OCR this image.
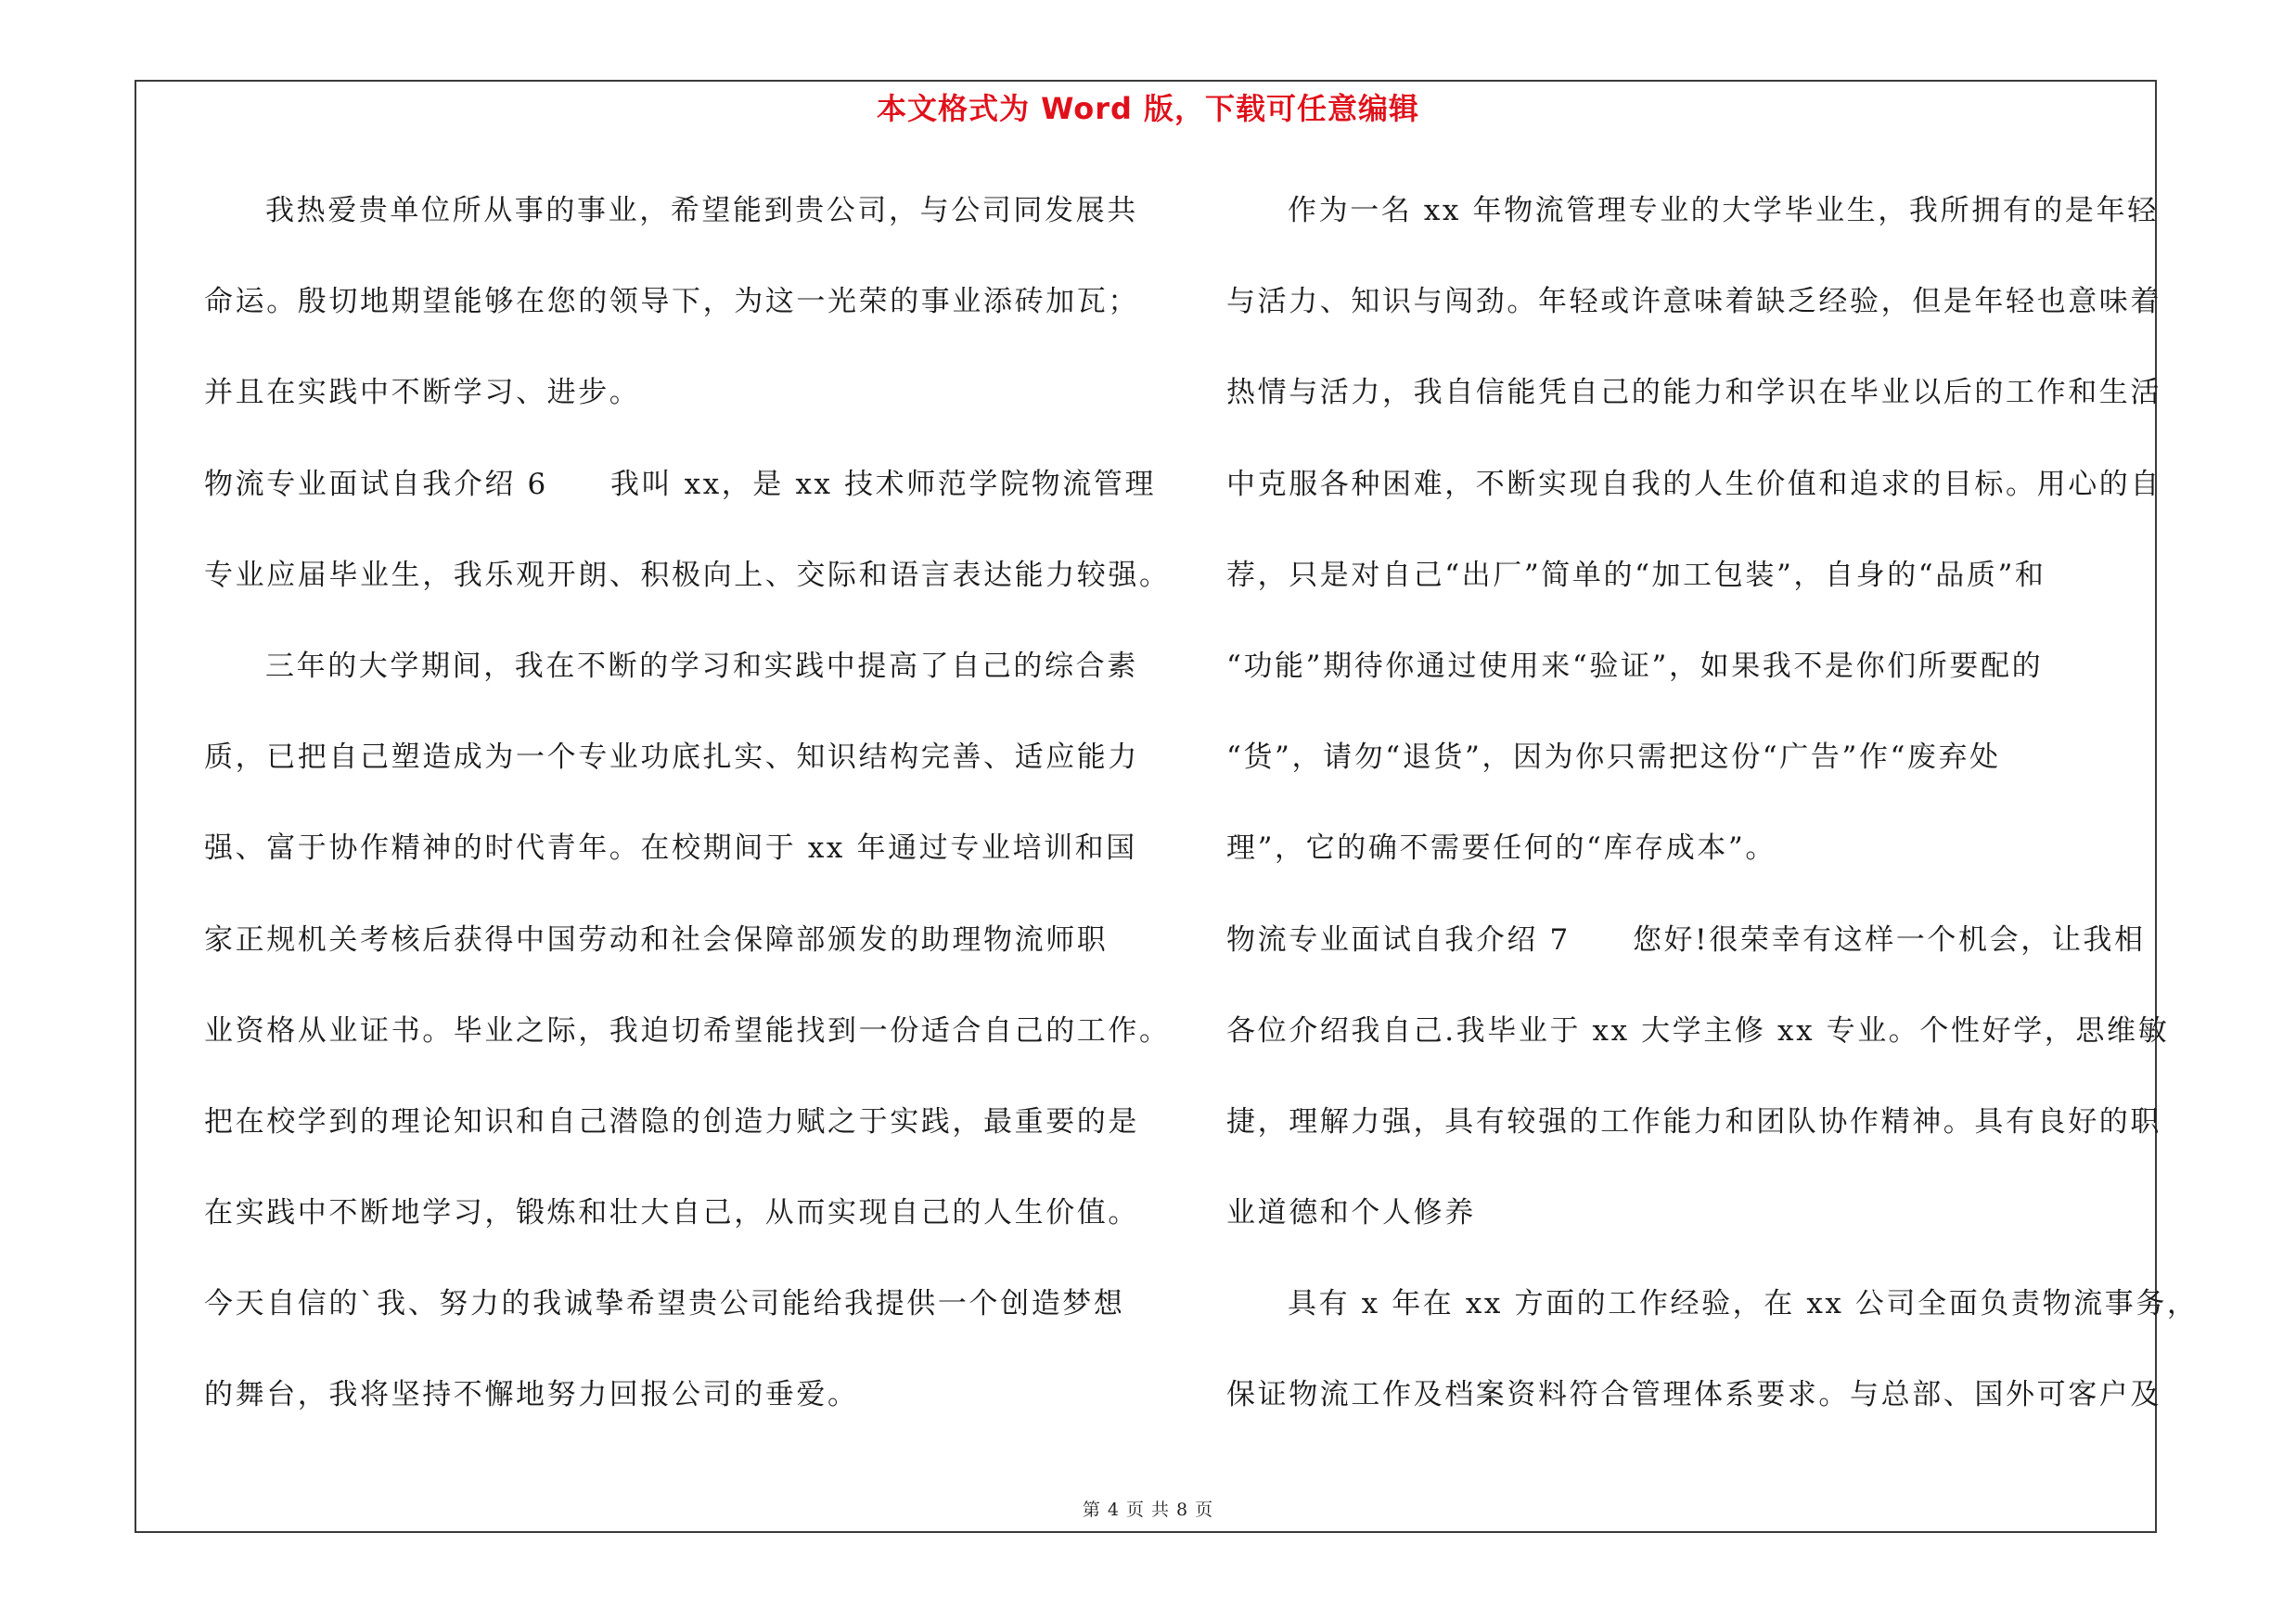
本文格式为 Word 版，下载可任意编辑
我热爱贵单位所从事的事业，希望能到贵公司，与公司同发展共
命运。殷切地期望能够在您的领导下，为这一光荣的事业添砖加瓦；
并且在实践中不断学习、进步。
物流专业面试自我介绍 6　　我叫 xx，是 xx 技术师范学院物流管理
专业应届毕业生，我乐观开朗、积极向上、交际和语言表达能力较强。
三年的大学期间，我在不断的学习和实践中提高了自己的综合素
质，已把自己塑造成为一个专业功底扎实、知识结构完善、适应能力
强、富于协作精神的时代青年。在校期间于 xx 年通过专业培训和国
家正规机关考核后获得中国劳动和社会保障部颁发的助理物流师职
业资格从业证书。毕业之际，我迫切希望能找到一份适合自己的工作。
把在校学到的理论知识和自己潜隐的创造力赋之于实践，最重要的是
在实践中不断地学习，锻炼和壮大自己，从而实现自己的人生价值。
今天自信的`我、努力的我诚挚希望贵公司能给我提供一个创造梦想
的舞台，我将坚持不懈地努力回报公司的垂爱。
作为一名 xx 年物流管理专业的大学毕业生，我所拥有的是年轻
与活力、知识与闯劲。年轻或许意味着缺乏经验，但是年轻也意味着
热情与活力，我自信能凭自己的能力和学识在毕业以后的工作和生活
中克服各种困难，不断实现自我的人生价值和追求的目标。用心的自
荐，只是对自己“出厂”简单的“加工包装”，自身的“品质”和
“功能”期待你通过使用来“验证”，如果我不是你们所要配的
“货”，请勿“退货”，因为你只需把这份“广告”作“废弃处
理”，它的确不需要任何的“库存成本”。
物流专业面试自我介绍 7　　您好!很荣幸有这样一个机会，让我相
各位介绍我自己.我毕业于 xx 大学主修 xx 专业。个性好学，思维敏
捷，理解力强，具有较强的工作能力和团队协作精神。具有良好的职
业道德和个人修养
具有 x 年在 xx 方面的工作经验，在 xx 公司全面负责物流事务，
保证物流工作及档案资料符合管理体系要求。与总部、国外可客户及
第 4 页 共 8 页
